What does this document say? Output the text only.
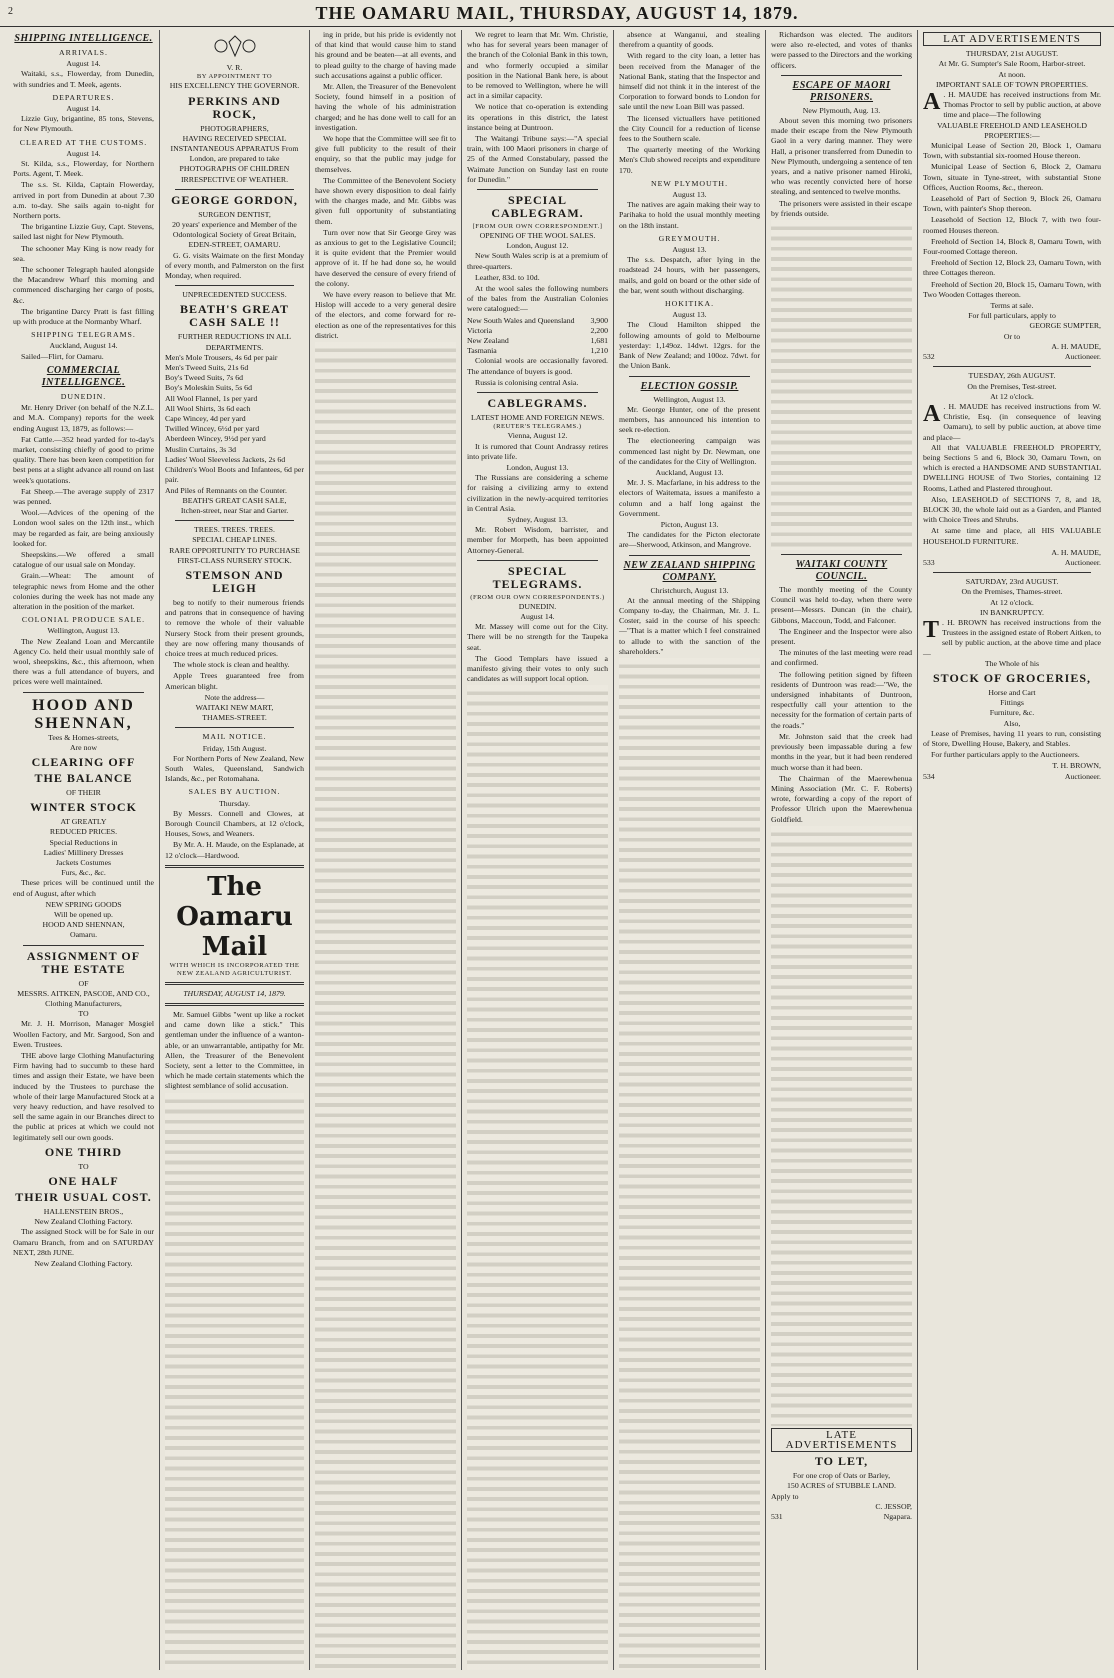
2	THE OAMARU MAIL, THURSDAY, AUGUST 14, 1879.
SHIPPING INTELLIGENCE.
ARRIVALS.
August 14.
Waitaki, s.s., Flowerday, from Dunedin, with sundries and T. Meek, agents.
DEPARTURES.
August 14.
Lizzie Guy, brigantine, 85 tons, Stevens, for New Plymouth.
CLEARED AT THE CUSTOMS.
August 14.
St. Kilda, s.s., Flowerday, for Northern Ports. Agent, T. Meek.
The s.s. St. Kilda, Captain Flowerday, arrived in port from Dunedin at about 7.30 a.m. to-day. She sails again to-night for Northern ports.
The brigantine Lizzie Guy, Capt. Stevens, sailed last night for New Plymouth.
The schooner May King is now ready for sea.
The schooner Telegraph hauled alongside the Macandrew Wharf this morning and commenced discharging her cargo of posts, &c.
The brigantine Darcy Pratt is fast filling up with produce at the Normanby Wharf.
SHIPPING TELEGRAMS.
Auckland, August 14.
Sailed—Flirt, for Oamaru.
COMMERCIAL INTELLIGENCE.
DUNEDIN.
Mr. Henry Driver (on behalf of the N.Z.L. and M.A. Company) reports for the week ending August 13, 1879, as follows:—
Fat Cattle.—352 head yarded for to-day's market, consisting chiefly of good to prime quality. There has been keen competition for best pens at a slight advance all round on last week's quotations.
Fat Sheep.—The average supply of 2317 was penned.
Wool.—Advices of the opening of the London wool sales on the 12th inst., which may be regarded as fair, are being anxiously looked for.
Sheepskins.—We offered a small catalogue of our usual sale on Monday.
Grain.—Wheat: The amount of telegraphic news from Home and the other colonies during the week has not made any alteration in the position of the market.
COLONIAL PRODUCE SALE.
Wellington, August 13.
The New Zealand Loan and Mercantile Agency Co. held their usual monthly sale of wool, sheepskins, &c., this afternoon, when there was a full attendance of buyers, and prices were well maintained.
HOOD AND SHENNAN,
Tees & Homes-streets,
Are now
CLEARING OFF
THE BALANCE
OF THEIR
WINTER STOCK
AT GREATLY
REDUCED PRICES.
Special Reductions in
Ladies' Millinery Dresses
Jackets Costumes
Furs, &c., &c.
These prices will be continued until the end of August, after which
NEW SPRING GOODS
Will be opened up.
HOOD AND SHENNAN,
Oamaru.
ASSIGNMENT OF THE ESTATE
OF
MESSRS. AITKEN, PASCOE, AND CO.,
Clothing Manufacturers,
TO
Mr. J. H. Morrison, Manager Mosgiel Woollen Factory, and Mr. Sargood, Son and Ewen. Trustees.
THE above large Clothing Manufacturing Firm having had to succumb to these hard times and assign their Estate, we have been induced by the Trustees to purchase the whole of their large Manufactured Stock at a very heavy reduction, and have resolved to sell the same again in our Branches direct to the public at prices at which we could not legitimately sell our own goods.
ONE THIRD
TO
ONE HALF
THEIR USUAL COST.
HALLENSTEIN BROS.,
New Zealand Clothing Factory.
The assigned Stock will be for Sale in our Oamaru Branch, from and on SATURDAY NEXT, 28th JUNE.
New Zealand Clothing Factory.
V. R.
BY APPOINTMENT TO
HIS EXCELLENCY THE GOVERNOR.
PERKINS AND ROCK,
PHOTOGRAPHERS,
HAVING RECEIVED SPECIAL INSTANTANEOUS APPARATUS From London, are prepared to take PHOTOGRAPHS OF CHILDREN IRRESPECTIVE OF WEATHER.
GEORGE GORDON,
SURGEON DENTIST,
20 years' experience and Member of the Odontological Society of Great Britain,
EDEN-STREET, OAMARU.
G. G. visits Waimate on the first Monday of every month, and Palmerston on the first Monday, when required.
UNPRECEDENTED SUCCESS.
BEATH'S GREAT CASH SALE !!
FURTHER REDUCTIONS IN ALL DEPARTMENTS.
Men's Mole Trousers, 4s 6d per pair
Men's Tweed Suits, 21s 6d
Boy's Tweed Suits, 7s 6d
Boy's Moleskin Suits, 5s 6d
All Wool Flannel, 1s per yard
All Wool Shirts, 3s 6d each
Cape Wincey, 4d per yard
Twilled Wincey, 6½d per yard
Aberdeen Wincey, 9½d per yard
Muslin Curtains, 3s 3d
Ladies' Wool Sleeveless Jackets, 2s 6d
Children's Wool Boots and Infantees, 6d per pair.
And Piles of Remnants on the Counter.
BEATH'S GREAT CASH SALE,
Itchen-street, near Star and Garter.
TREES. TREES. TREES.
SPECIAL CHEAP LINES.
RARE OPPORTUNITY TO PURCHASE FIRST-CLASS NURSERY STOCK.
STEMSON AND LEIGH
beg to notify to their numerous friends and patrons that in consequence of having to remove the whole of their valuable Nursery Stock from their present grounds, they are now offering many thousands of choice trees at much reduced prices.
The whole stock is clean and healthy.
Apple Trees guaranteed free from American blight.
Note the address—
WAITAKI NEW MART,
THAMES-STREET.
MAIL NOTICE.
Friday, 15th August.
For Northern Ports of New Zealand, New South Wales, Queensland, Sandwich Islands, &c., per Rotomahana.
SALES BY AUCTION.
Thursday.
By Messrs. Connell and Clowes, at Borough Council Chambers, at 12 o'clock, Houses, Sows, and Weaners.
By Mr. A. H. Maude, on the Esplanade, at 12 o'clock—Hardwood.
The Oamaru Mail
WITH WHICH IS INCORPORATED THE NEW ZEALAND AGRICULTURIST.
THURSDAY, AUGUST 14, 1879.
Mr. Samuel Gibbs "went up like a rocket and came down like a stick." This gentleman under the influence of a wanton-able, or an unwarrantable, antipathy for Mr. Allen, the Treasurer of the Benevolent Society, sent a letter to the Committee, in which he made certain statements which the slightest semblance of solid accusation.
ing in pride, but his pride is evidently not of that kind that would cause him to stand his ground and be beaten—at all events, and to plead guilty to the charge of having made such accusations against a public officer.
Mr. Allen, the Treasurer of the Benevolent Society, found himself in a position of having the whole of his administration charged; and he has done well to call for an investigation.
We hope that the Committee will see fit to give full publicity to the result of their enquiry, so that the public may judge for themselves.
The Committee of the Benevolent Society have shown every disposition to deal fairly with the charges made, and Mr. Gibbs was given full opportunity of substantiating them.
Turn over now that Sir George Grey was as anxious to get to the Legislative Council; it is quite evident that the Premier would approve of it. If he had done so, he would have deserved the censure of every friend of the colony.
We have every reason to believe that Mr. Hislop will accede to a very general desire of the electors, and come forward for re-election as one of the representatives for this district.
We regret to learn that Mr. Wm. Christie, who has for several years been manager of the branch of the Colonial Bank in this town, and who formerly occupied a similar position in the National Bank here, is about to be removed to Wellington, where he will act in a similar capacity.
We notice that co-operation is extending its operations in this district, the latest instance being at Duntroon.
The Waitangi Tribune says:—"A special train, with 100 Maori prisoners in charge of 25 of the Armed Constabulary, passed the Waimate Junction on Sunday last en route for Dunedin."
SPECIAL CABLEGRAM.
[FROM OUR OWN CORRESPONDENT.]
OPENING OF THE WOOL SALES.
London, August 12.
New South Wales scrip is at a premium of three-quarters.
Leather, 83d. to 10d.
At the wool sales the following numbers of the bales from the Australian Colonies were catalogued:—
New South Wales and Queensland 3,900
Victoria	2,200
New Zealand	1,681
Tasmania	1,210
Colonial wools are occasionally favored. The attendance of buyers is good.
Russia is colonising central Asia.
CABLEGRAMS.
LATEST HOME AND FOREIGN NEWS.
(REUTER'S TELEGRAMS.)
Vienna, August 12.
It is rumored that Count Andrassy retires into private life.
London, August 13.
The Russians are considering a scheme for raising a civilizing army to extend civilization in the newly-acquired territories in Central Asia.
Sydney, August 13.
Mr. Robert Wisdom, barrister, and member for Morpeth, has been appointed Attorney-General.
SPECIAL TELEGRAMS.
(FROM OUR OWN CORRESPONDENTS.)
DUNEDIN.
August 14.
Mr. Massey will come out for the City. There will be no strength for the Taupeka seat.
The Good Templars have issued a manifesto giving their votes to only such candidates as will support local option.
absence at Wanganui, and stealing therefrom a quantity of goods.
With regard to the city loan, a letter has been received from the Manager of the National Bank, stating that the Inspector and himself did not think it in the interest of the Corporation to forward bonds to London for sale until the new Loan Bill was passed.
The licensed victuallers have petitioned the City Council for a reduction of license fees to the Southern scale.
The quarterly meeting of the Working Men's Club showed receipts and expenditure 170.
NEW PLYMOUTH.
August 13.
The natives are again making their way to Parihaka to hold the usual monthly meeting on the 18th instant.
GREYMOUTH.
August 13.
The s.s. Despatch, after lying in the roadstead 24 hours, with her passengers, mails, and gold on board or the other side of the bar, went south without discharging.
HOKITIKA.
August 13.
The Cloud Hamilton shipped the following amounts of gold to Melbourne yesterday: 1,149oz. 14dwt. 12grs. for the Bank of New Zealand; and 100oz. 7dwt. for the Union Bank.
ELECTION GOSSIP.
Wellington, August 13.
Mr. George Hunter, one of the present members, has announced his intention to seek re-election.
The electioneering campaign was commenced last night by Dr. Newman, one of the candidates for the City of Wellington.
Auckland, August 13.
Mr. J. S. Macfarlane, in his address to the electors of Waitemata, issues a manifesto a column and a half long against the Government.
Picton, August 13.
The candidates for the Picton electorate are—Sherwood, Atkinson, and Mangrove.
NEW ZEALAND SHIPPING COMPANY.
Christchurch, August 13.
At the annual meeting of the Shipping Company to-day, the Chairman, Mr. J. L. Coster, said in the course of his speech:—"That is a matter which I feel constrained to allude to with the sanction of the shareholders."
Richardson was elected. The auditors were also re-elected, and votes of thanks were passed to the Directors and the working officers.
ESCAPE OF MAORI PRISONERS.
New Plymouth, Aug. 13.
About seven this morning two prisoners made their escape from the New Plymouth Gaol in a very daring manner. They were Hall, a prisoner transferred from Dunedin to New Plymouth, undergoing a sentence of ten years, and a native prisoner named Hiroki, who was recently convicted here of horse stealing, and sentenced to twelve months.
The prisoners were assisted in their escape by friends outside.
WAITAKI COUNTY COUNCIL.
The monthly meeting of the County Council was held to-day, when there were present—Messrs. Duncan (in the chair), Gibbons, Maccoun, Todd, and Falconer.
The Engineer and the Inspector were also present.
The minutes of the last meeting were read and confirmed.
The following petition signed by fifteen residents of Duntroon was read:—"We, the undersigned inhabitants of Duntroon, respectfully call your attention to the necessity for the formation of certain parts of the roads."
Mr. Johnston said that the creek had previously been impassable during a few months in the year, but it had been rendered much worse than it had been.
The Chairman of the Maerewhenua Mining Association (Mr. C. F. Roberts) wrote, forwarding a copy of the report of Professor Ulrich upon the Maerewhenua Goldfield.
LATE ADVERTISEMENTS
TO LET,
For one crop of Oats or Barley,
150 ACRES of STUBBLE LAND.
Apply to
C. JESSOP,
531	Ngapara.
LAT ADVERTISEMENTS
THURSDAY, 21st AUGUST.
At Mr. G. Sumpter's Sale Room, Harbor-street.
At noon.
IMPORTANT SALE OF TOWN PROPERTIES.
A . H. MAUDE has received instructions from Mr. Thomas Proctor to sell by public auction, at above time and place—The following
VALUABLE FREEHOLD AND LEASEHOLD PROPERTIES:—
Municipal Lease of Section 20, Block 1, Oamaru Town, with substantial six-roomed House thereon.
Municipal Lease of Section 6, Block 2, Oamaru Town, situate in Tyne-street, with substantial Stone Offices, Auction Rooms, &c., thereon.
Leasehold of Part of Section 9, Block 26, Oamaru Town, with painter's Shop thereon.
Leasehold of Section 12, Block 7, with two four-roomed Houses thereon.
Freehold of Section 14, Block 8, Oamaru Town, with Four-roomed Cottage thereon.
Freehold of Section 12, Block 23, Oamaru Town, with three Cottages thereon.
Freehold of Section 20, Block 15, Oamaru Town, with Two Wooden Cottages thereon.
Terms at sale.
For full particulars, apply to
GEORGE SUMPTER,
Or to
A. H. MAUDE,
532	Auctioneer.
TUESDAY, 26th AUGUST.
On the Premises, Test-street.
At 12 o'clock.
A . H. MAUDE has received instructions from W. Christie, Esq. (in consequence of leaving Oamaru), to sell by public auction, at above time and place—
All that VALUABLE FREEHOLD PROPERTY, being Sections 5 and 6, Block 30, Oamaru Town, on which is erected a HANDSOME AND SUBSTANTIAL DWELLING HOUSE of Two Stories, containing 12 Rooms, Lathed and Plastered throughout.
Also, LEASEHOLD of SECTIONS 7, 8, and 18, BLOCK 30, the whole laid out as a Garden, and Planted with Choice Trees and Shrubs.
At same time and place, all HIS VALUABLE HOUSEHOLD FURNITURE.
A. H. MAUDE,
533	Auctioneer.
SATURDAY, 23rd AUGUST.
On the Premises, Thames-street.
At 12 o'clock.
IN BANKRUPTCY.
T . H. BROWN has received instructions from the Trustees in the assigned estate of Robert Aitken, to sell by public auction, at the above time and place—
The Whole of his
STOCK OF GROCERIES,
Horse and Cart
Fittings
Furniture, &c.
Also,
Lease of Premises, having 11 years to run, consisting of Store, Dwelling House, Bakery, and Stables.
For further particulars apply to the Auctioneers.
T. H. BROWN,
534	Auctioneer.
